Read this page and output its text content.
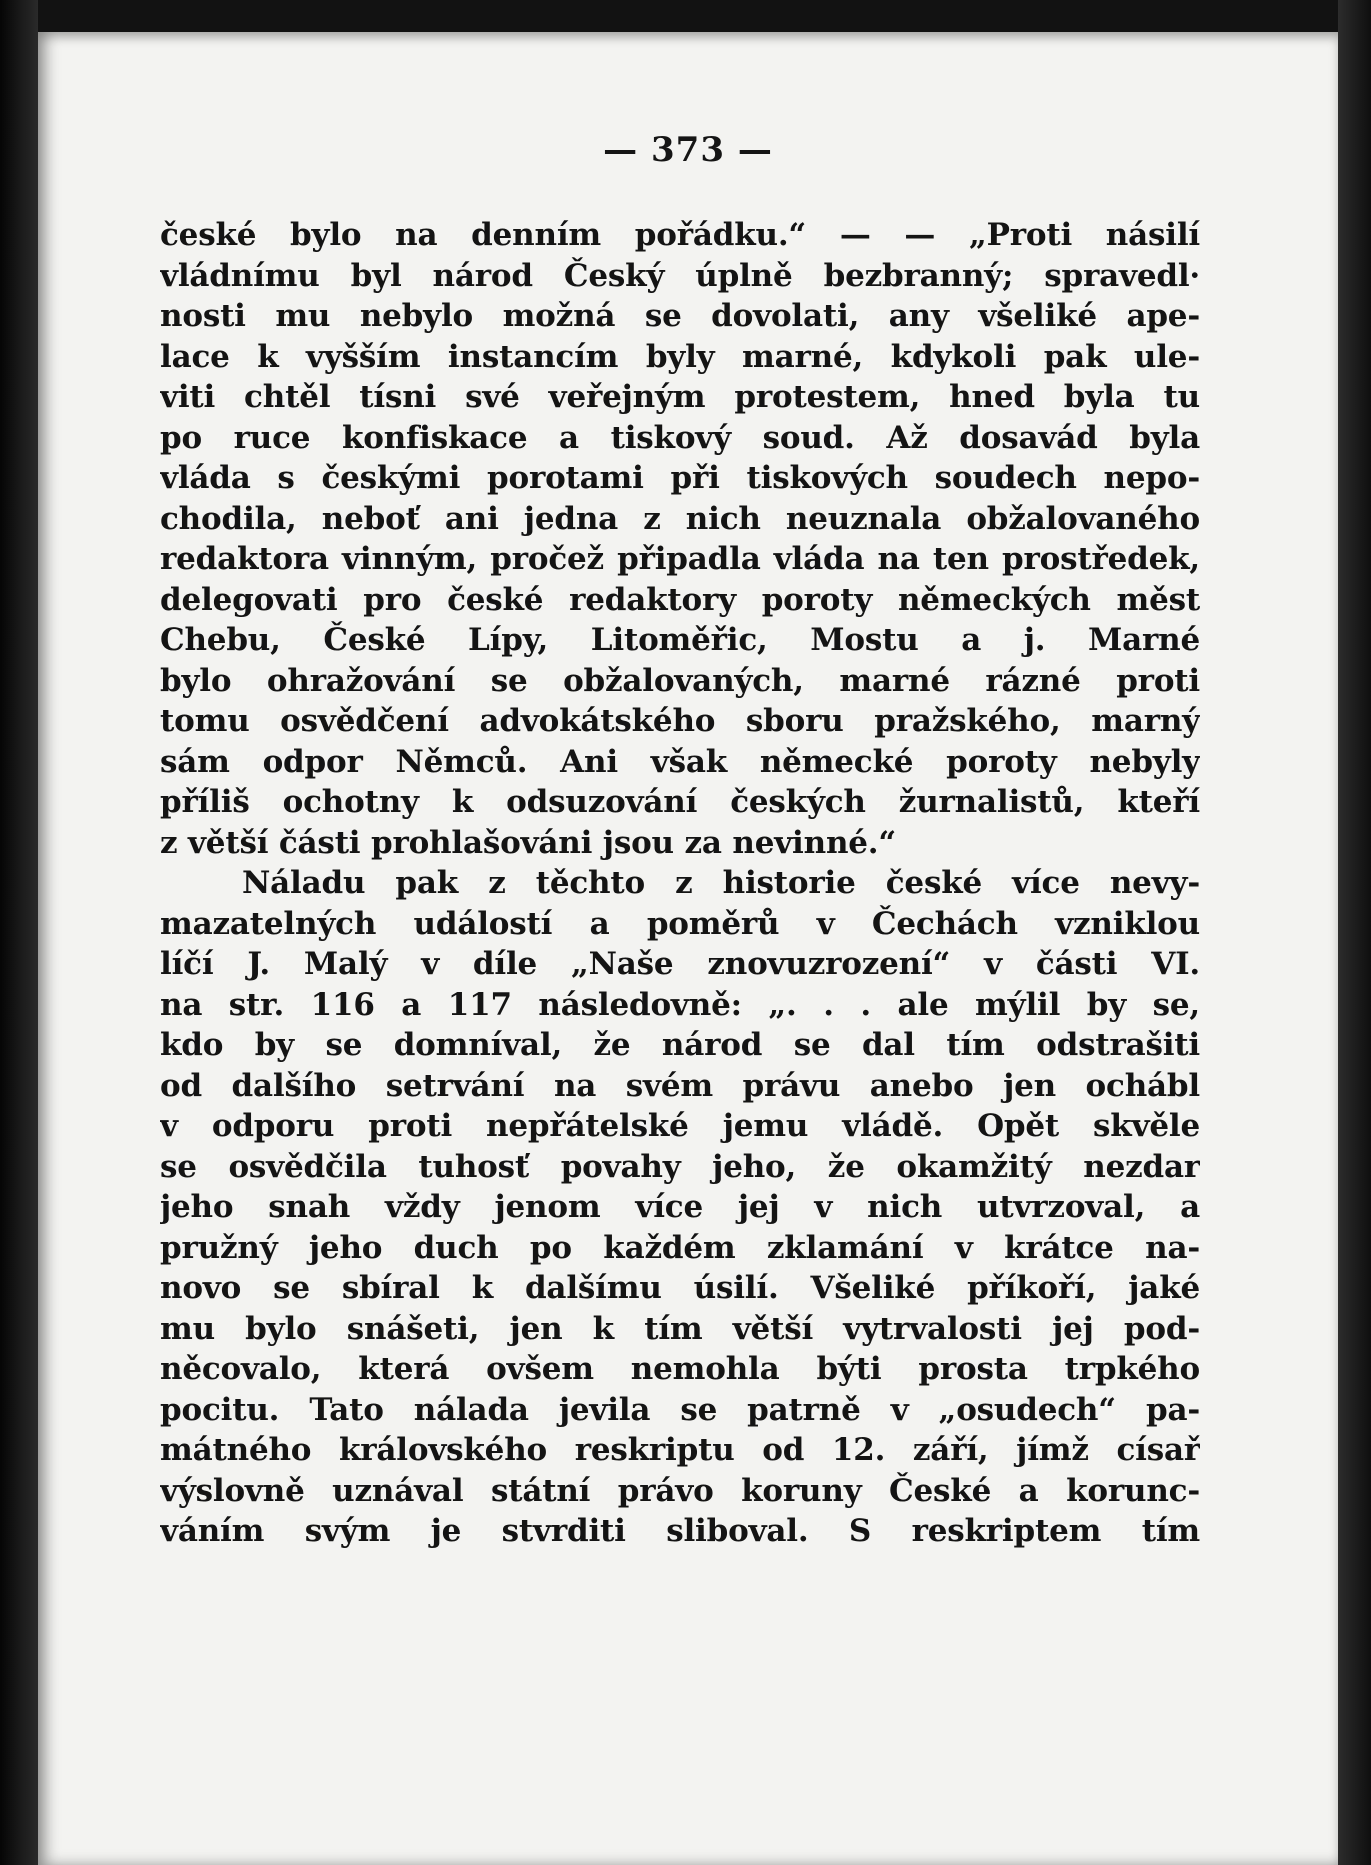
— 373 —
české bylo na denním pořádku.“ — — „Proti násilí
vládnímu byl národ Český úplně bezbranný; spravedl·
nosti mu nebylo možná se dovolati, any všeliké ape-
lace k vyšším instancím byly marné, kdykoli pak ule-
viti chtěl tísni své veřejným protestem, hned byla tu
po ruce konfiskace a tiskový soud. Až dosavád byla
vláda s českými porotami při tiskových soudech nepo-
chodila, neboť ani jedna z nich neuznala obžalovaného
redaktora vinným, pročež připadla vláda na ten prostředek,
delegovati pro české redaktory poroty německých měst
Chebu, České Lípy, Litoměřic, Mostu a j. Marné
bylo ohražování se obžalovaných, marné rázné proti
tomu osvědčení advokátského sboru pražského, marný
sám odpor Němců. Ani však německé poroty nebyly
příliš ochotny k odsuzování českých žurnalistů, kteří
z větší části prohlašováni jsou za nevinné.“
Náladu pak z těchto z historie české více nevy-
mazatelných událostí a poměrů v Čechách vzniklou
líčí J. Malý v díle „Naše znovuzrození“ v části VI.
na str. 116 a 117 následovně: „. . . ale mýlil by se,
kdo by se domníval, že národ se dal tím odstrašiti
od dalšího setrvání na svém právu anebo jen ochábl
v odporu proti nepřátelské jemu vládě. Opět skvěle
se osvědčila tuhosť povahy jeho, že okamžitý nezdar
jeho snah vždy jenom více jej v nich utvrzoval, a
pružný jeho duch po každém zklamání v krátce na-
novo se sbíral k dalšímu úsilí. Všeliké příkoří, jaké
mu bylo snášeti, jen k tím větší vytrvalosti jej pod-
něcovalo, která ovšem nemohla býti prosta trpkého
pocitu. Tato nálada jevila se patrně v „osudech“ pa-
mátného královského reskriptu od 12. září, jímž císař
výslovně uznával státní právo koruny České a korunc-
váním svým je stvrditi sliboval. S reskriptem tím
